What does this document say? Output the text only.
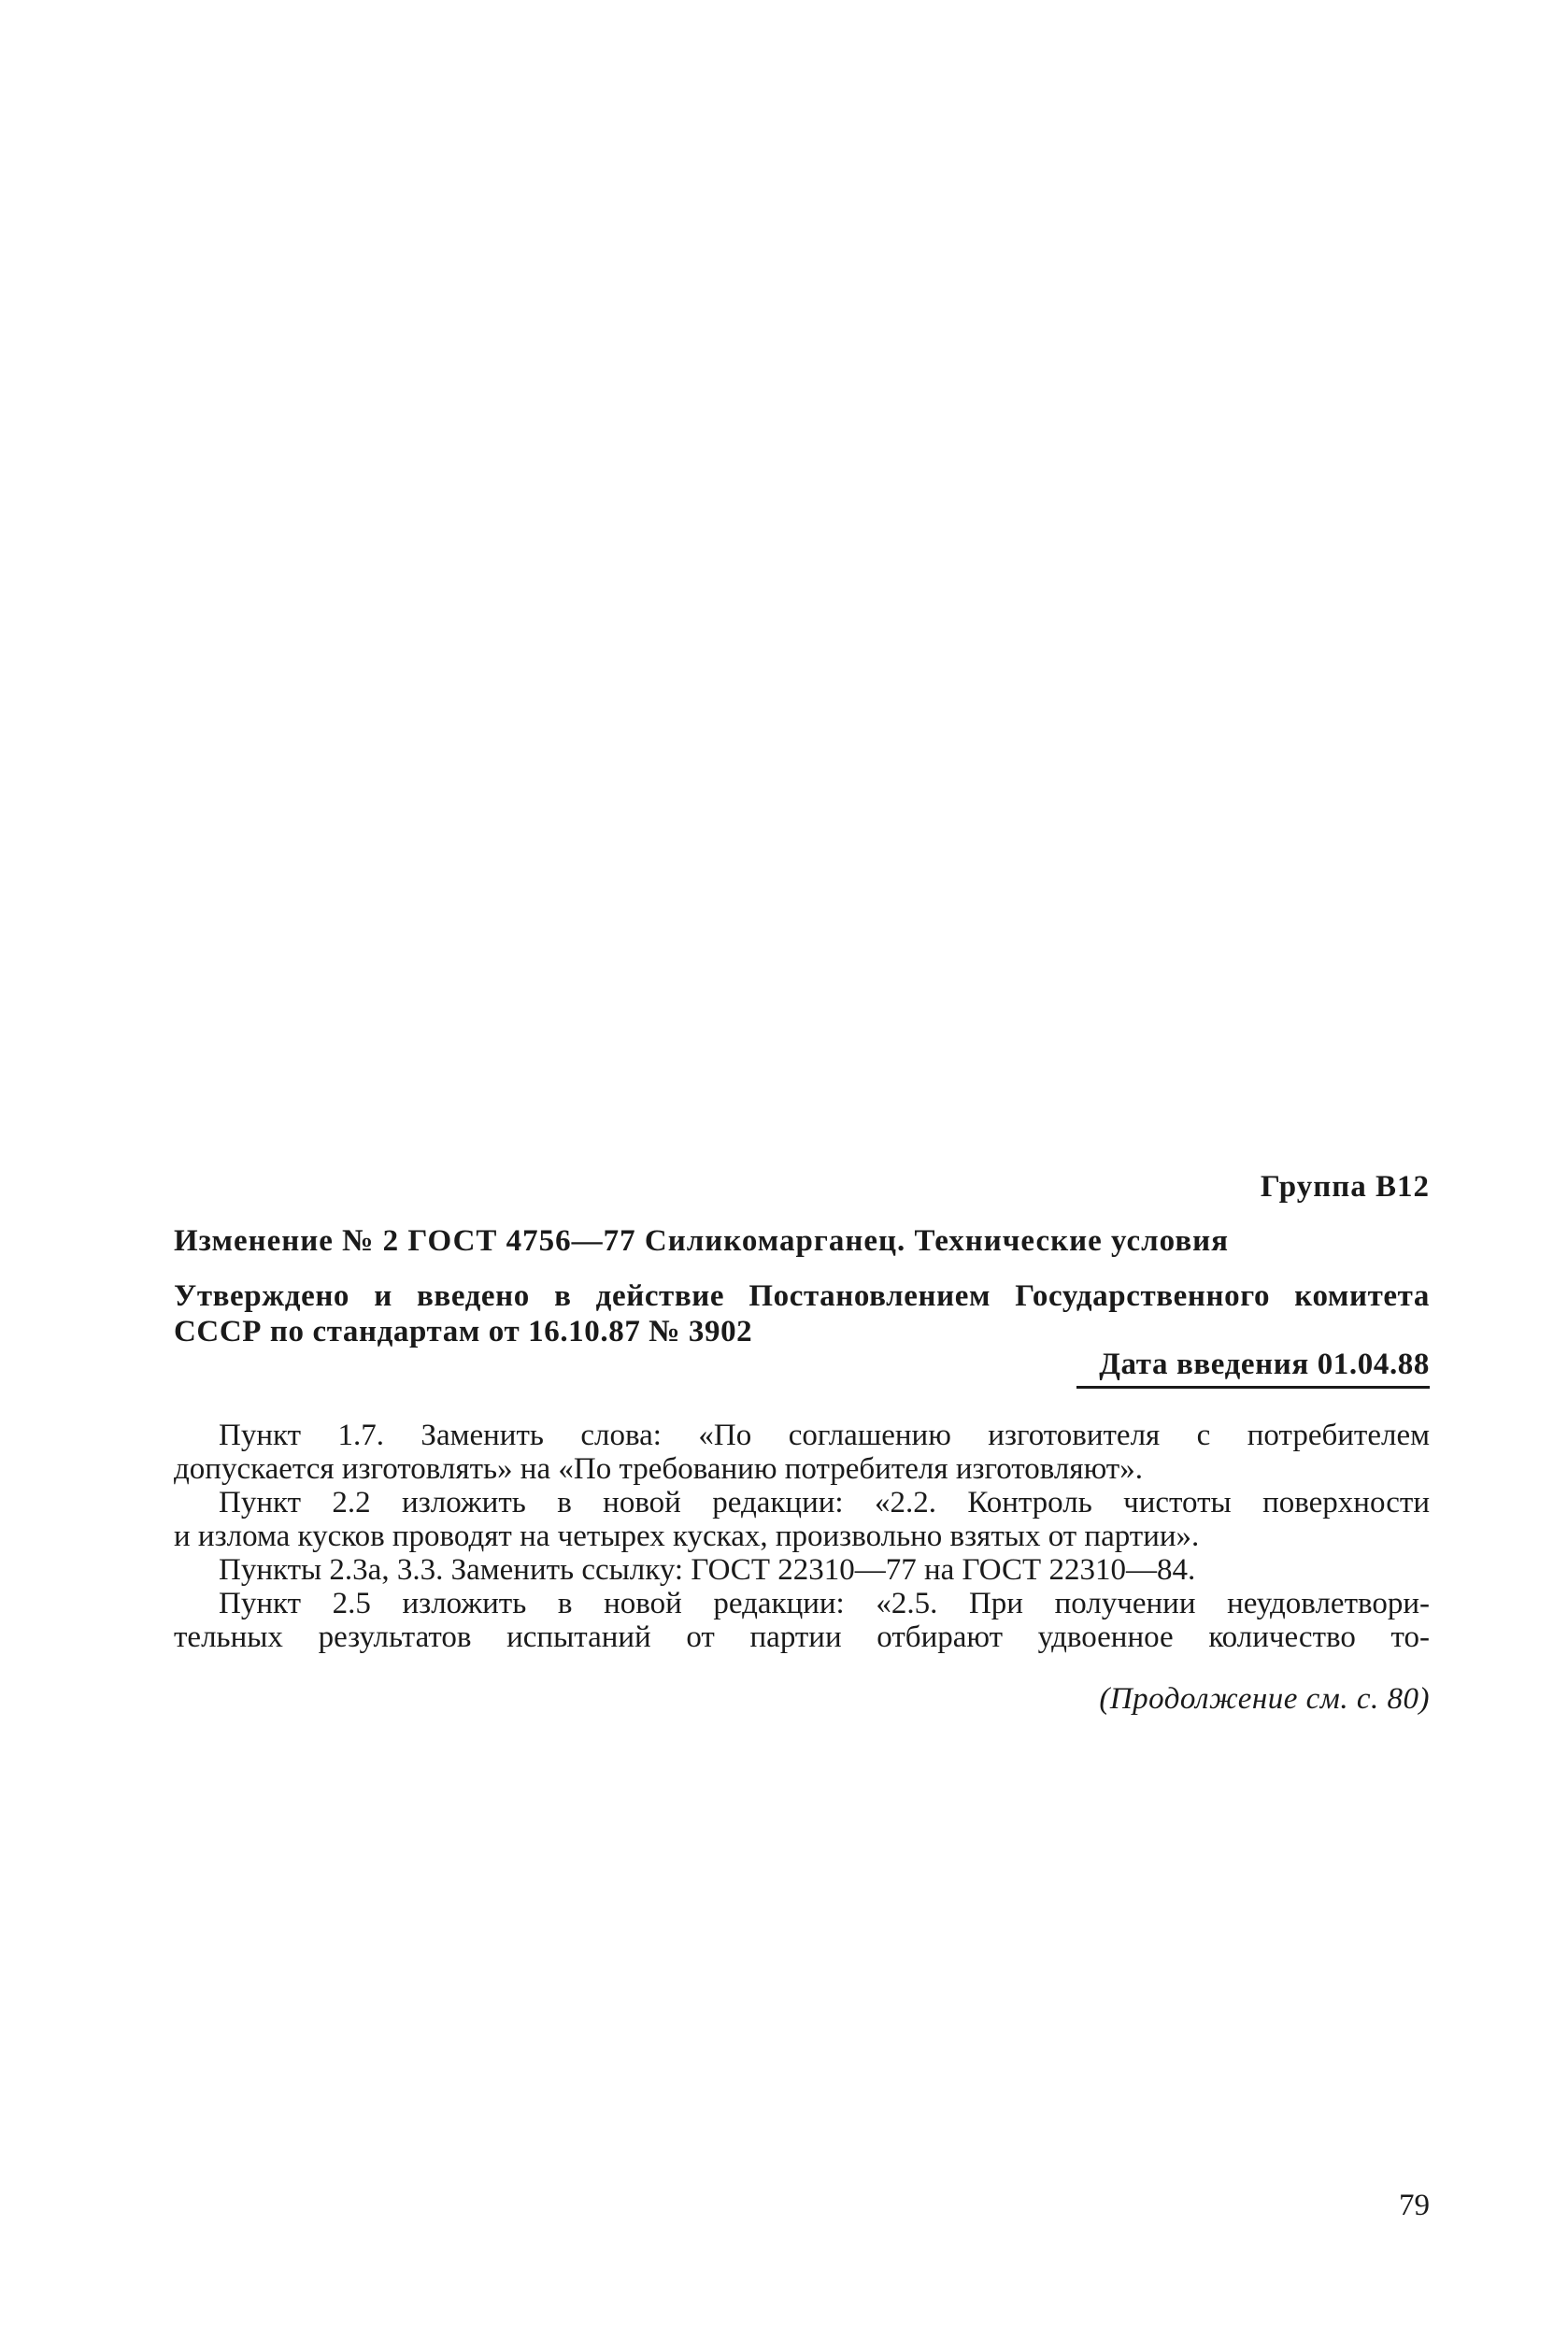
Группа В12
Изменение № 2 ГОСТ 4756—77 Силикомарганец. Технические условия
Утверждено и введено в действие Постановлением Государственного комитета
СССР по стандартам от 16.10.87 № 3902
Дата введения 01.04.88
Пункт 1.7. Заменить слова: «По соглашению изготовителя с потребителем
допускается изготовлять» на «По требованию потребителя изготовляют».
Пункт 2.2 изложить в новой редакции: «2.2. Контроль чистоты поверхности
и излома кусков проводят на четырех кусках, произвольно взятых от партии».
Пункты 2.3а, 3.3. Заменить ссылку: ГОСТ 22310—77 на ГОСТ 22310—84.
Пункт 2.5 изложить в новой редакции: «2.5. При получении неудовлетвори-
тельных результатов испытаний от партии отбирают удвоенное количество то-
(Продолжение см. с. 80)
79
